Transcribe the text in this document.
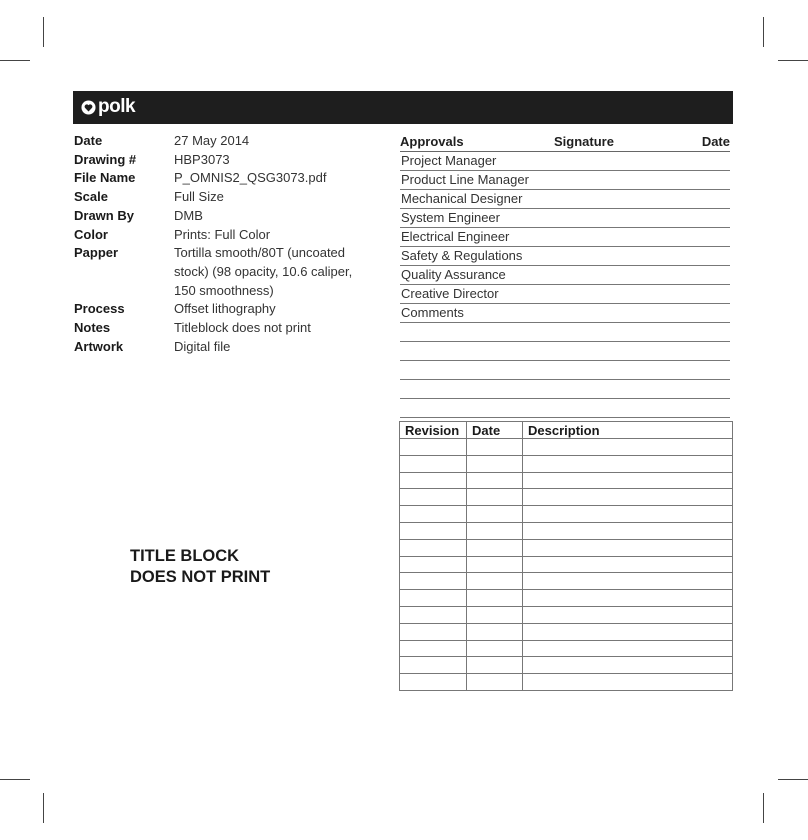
polk
Date	27 May 2014
Drawing #	HBP3073
File Name	P_OMNIS2_QSG3073.pdf
Scale	Full Size
Drawn By	DMB
Color	Prints: Full Color
Papper	Tortilla smooth/80T (uncoated
stock) (98 opacity, 10.6 caliper,
150 smoothness)
Process	Offset lithography
Notes	Titleblock does not print
Artwork	Digital file
Approvals	Signature	Date
Project Manager
Product Line Manager
Mechanical Designer
System Engineer
Electrical Engineer
Safety & Regulations
Quality Assurance
Creative Director
Comments
Revision	Date	Description

TITLE BLOCK
DOES NOT PRINT
